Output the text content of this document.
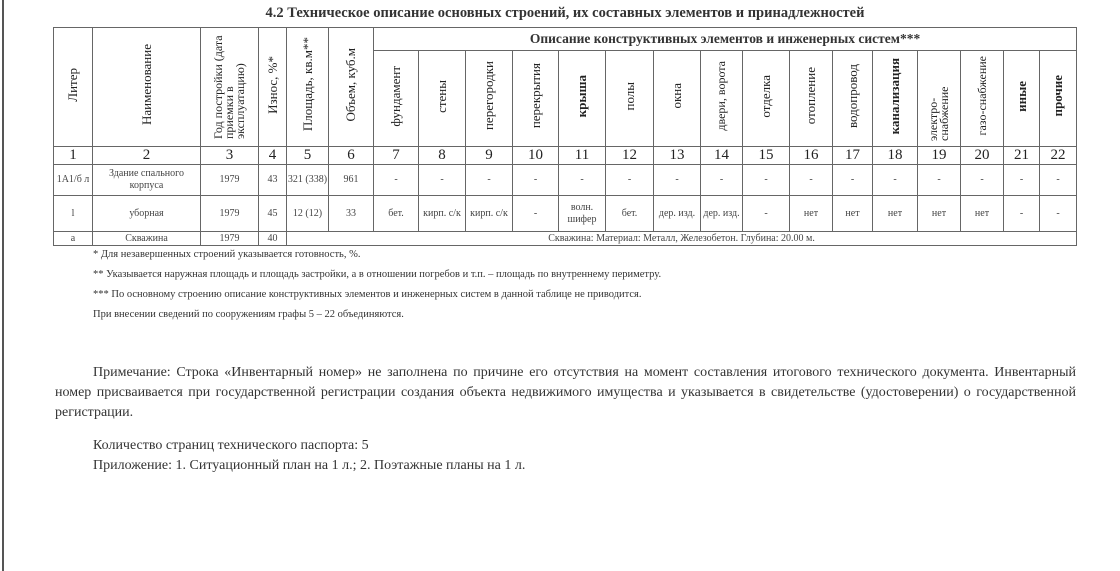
4.2 Техническое описание основных строений, их составных элементов и принадлежностей
Литер	Наименование	Год постройки (дата приемки в эксплуатацию)	Износ, %*	Площадь, кв.м**	Объем, куб.м	Описание конструктивных элементов и инженерных систем***															
						фундамент	стены	перегородки	перекрытия	крыша	полы	окна	двери, ворота	отделка	отопление	водопровод	канализация	электро-снабжение	газо-снабжение	иные	прочие
1	2	3	4	5	6	7	8	9	10	11	12	13	14	15	16	17	18	19	20	21	22
1А1/б л	Здание спального корпуса	1979	43	321 (338)	961	-	-	-	-	-	-	-	-	-	-	-	-	-	-	-	-
l	уборная	1979	45	12 (12)	33	бет.	кирп. с/к	кирп. с/к	-	волн. шифер	бет.	дер. изд.	дер. изд.	-	нет	нет	нет	нет	нет	-	-
а	Скважина	1979	40	Скважина: Материал: Металл, Железобетон. Глубина: 20.00 м.																	
* Для незавершенных строений указывается готовность, %.
** Указывается наружная площадь и площадь застройки, а в отношении погребов и т.п. – площадь по внутреннему периметру.
*** По основному строению описание конструктивных элементов и инженерных систем в данной таблице не приводится.
При внесении сведений по сооружениям графы 5 – 22 объединяются.
Примечание: Строка «Инвентарный номер» не заполнена по причине его отсутствия на момент составления итогового технического документа. Инвентарный номер присваивается при государственной регистрации создания объекта недвижимого имущества и указывается в свидетельстве (удостоверении) о государственной регистрации.
Количество страниц технического паспорта: 5
Приложение: 1. Ситуационный план на 1 л.; 2. Поэтажные планы на 1 л.
